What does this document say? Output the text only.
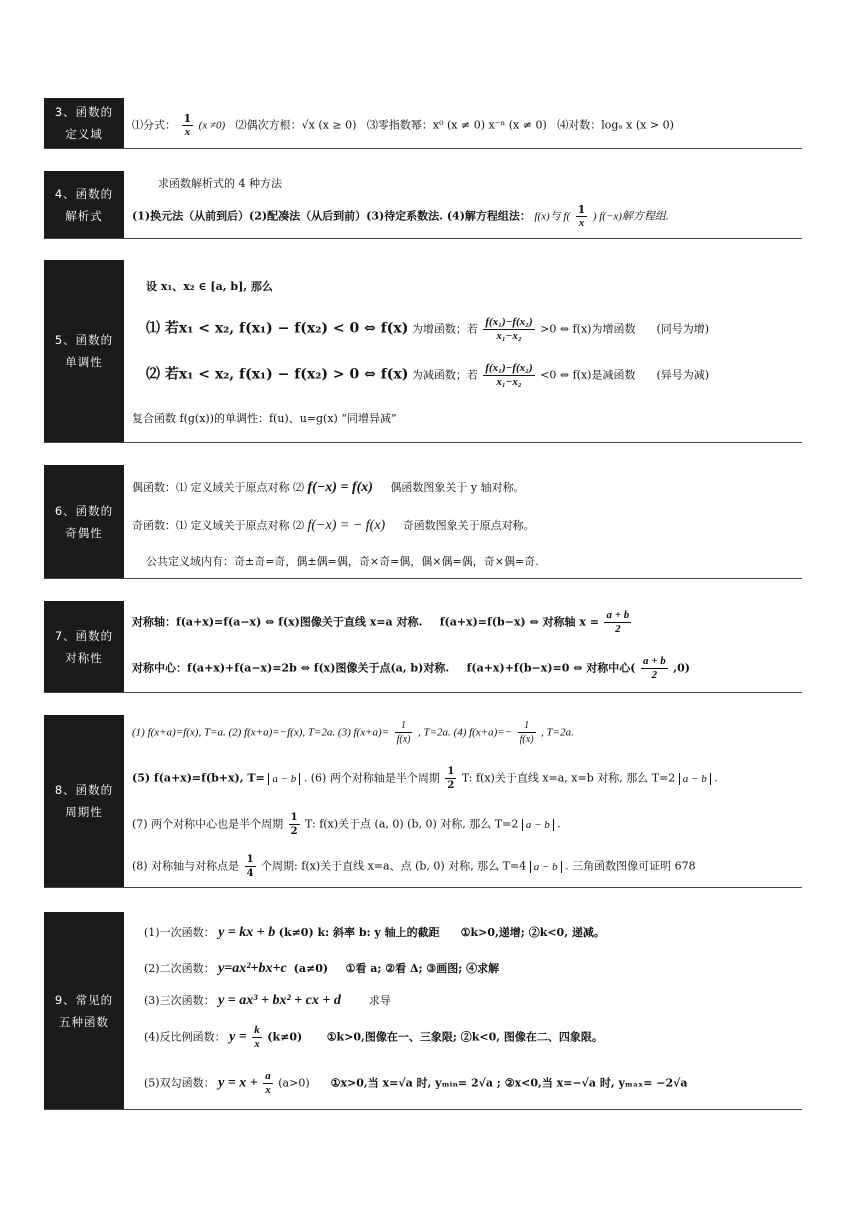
3、函数的
定义域
⑴分式： $\frac{1}{x} (x \ne 0)$ ⑵偶次方根：√x (x ≥ 0) ⑶零指数幂：x⁰ (x ≠ 0) x⁻ⁿ (x ≠ 0) ⑷对数：logₐ x (x > 0)
4、函数的
解析式
求函数解析式的 4 种方法
(1)换元法（从前到后）(2)配凑法（从后到前）(3)待定系数法. (4)解方程组法： f(x)与 $f( \frac{1}{x}$ ) f(−x)解方程组.
5、函数的
单调性
设 x₁、x₂ ∈ [a, b], 那么
⑴ 若x₁ < x₂, f(x₁) − f(x₂) < 0 ⇔ f(x) 为增函数；若 $\frac{\text{f(x₁)−f(x₂)}}{\text{x₁−x₂}} >0$ ⇔ f(x)为增函数 (同号为增)
⑵ 若x₁ < x₂, f(x₁) − f(x₂) > 0 ⇔ f(x) 为减函数；若 $\frac{\text{f(x₁)−f(x₂)}}{\text{x₁−x₂}} <0$ ⇔ f(x)是减函数 (异号为减)
复合函数 f(g(x))的单调性：f(u)、u=g(x) “同增异减”
6、函数的
奇偶性
偶函数：⑴ 定义域关于原点对称 ⑵ f(−x) = f(x) 偶函数图象关于 y 轴对称。
奇函数：⑴ 定义域关于原点对称 ⑵ f(−x) = − f(x) 奇函数图象关于原点对称。
公共定义域内有：奇±奇=奇，偶±偶=偶，奇×奇=偶，偶×偶=偶，奇×偶=奇.
7、函数的
对称性
对称轴：f(a+x)=f(a−x) ⇔ f(x)图像关于直线 x=a 对称. f(a+x)=f(b−x) ⇔ 对称轴 $x = \frac{a + b}{2}$
对称中心：f(a+x)+f(a−x)=2b ⇔ f(x)图像关于点(a, b)对称. f(a+x)+f(b−x)=0 ⇔ 对称中心( $\frac{a + b}{2} ,0$)
8、函数的
周期性
(1) f(x+a)=f(x), T=a. (2) f(x+a)=−f(x), T=2a. (3) $f(x+a)= \frac{1}{f(x)}$ , T=2a. (4) $f(x+a)=- \frac{1}{f(x)}$ , T=2a.
(5) f(a+x)=f(b+x), T= a − b . (6) 两个对称轴是半个周期 $\frac{1}{2} T$: f(x)关于直线 x=a, x=b 对称, 那么 T=2 a − b .
(7) 两个对称中心也是半个周期 $\frac{1}{2} T$: f(x)关于点 (a, 0) (b, 0) 对称, 那么 T=2 a − b .
(8) 对称轴与对称点是 $\frac{1}{4}$ 个周期: f(x)关于直线 x=a、点 (b, 0) 对称, 那么 T=4 a − b . 三角函数图像可证明 678
9、常见的
五种函数
(1)一次函数： y = kx + b (k≠0) k: 斜率 b: y 轴上的截距 ①k>0,递增; ②k<0, 递减。
(2)二次函数： y=ax²+bx+c (a≠0) ①看 a; ②看 Δ; ③画图; ④求解
(3)三次函数： y = ax³ + bx² + cx + d	求导
(4)反比例函数： $y = \frac{k}{x} (k\ne 0)$ ①k>0,图像在一、三象限; ②k<0, 图像在二、四象限。
(5)双勾函数： $y = x + \frac{a}{x} (a>0)$ ①x>0,当 x=√a 时, yₘᵢₙ= 2√a ; ②x<0,当 x=−√a 时, yₘₐₓ= −2√a
